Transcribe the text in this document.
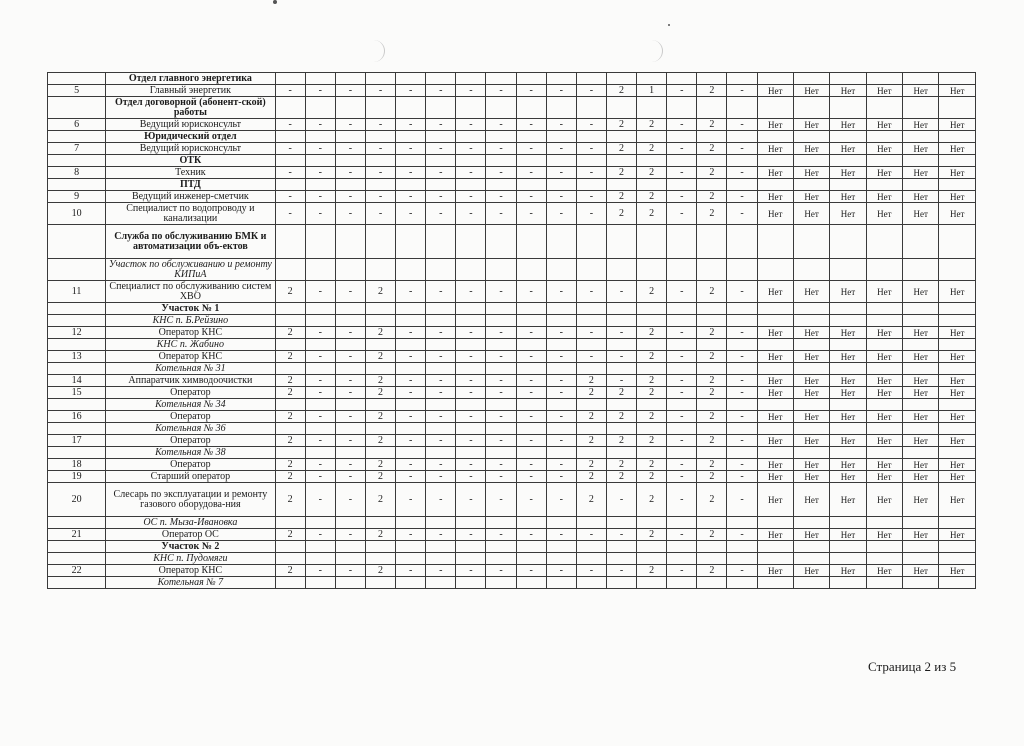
	Отдел главного энергетика																						
5	Главный энергетик	-	-	-	-	-	-	-	-	-	-	-	2	1	-	2	-	Нет	Нет	Нет	Нет	Нет	Нет
	Отдел договорной (абонент-ской) работы																						
6	Ведущий юрисконсульт	-	-	-	-	-	-	-	-	-	-	-	2	2	-	2	-	Нет	Нет	Нет	Нет	Нет	Нет
	Юридический отдел																						
7	Ведущий юрисконсульт	-	-	-	-	-	-	-	-	-	-	-	2	2	-	2	-	Нет	Нет	Нет	Нет	Нет	Нет
	ОТК																						
8	Техник	-	-	-	-	-	-	-	-	-	-	-	2	2	-	2	-	Нет	Нет	Нет	Нет	Нет	Нет
	ПТД																						
9	Ведущий инженер-сметчик	-	-	-	-	-	-	-	-	-	-	-	2	2	-	2	-	Нет	Нет	Нет	Нет	Нет	Нет
10	Специалист по водопроводу и канализации	-	-	-	-	-	-	-	-	-	-	-	2	2	-	2	-	Нет	Нет	Нет	Нет	Нет	Нет
	Служба по обслуживанию БМК и автоматизации объ-ектов																						
	Участок по обслуживанию и ремонту КИПиА																						
11	Специалист по обслуживанию систем ХВО	2	-	-	2	-	-	-	-	-	-	-	-	2	-	2	-	Нет	Нет	Нет	Нет	Нет	Нет
	Участок № 1																						
	КНС п. Б.Рейзино																						
12	Оператор КНС	2	-	-	2	-	-	-	-	-	-	-	-	2	-	2	-	Нет	Нет	Нет	Нет	Нет	Нет
	КНС п. Жабино																						
13	Оператор КНС	2	-	-	2	-	-	-	-	-	-	-	-	2	-	2	-	Нет	Нет	Нет	Нет	Нет	Нет
	Котельная № 31																						
14	Аппаратчик химводоочистки	2	-	-	2	-	-	-	-	-	-	2	-	2	-	2	-	Нет	Нет	Нет	Нет	Нет	Нет
15	Оператор	2	-	-	2	-	-	-	-	-	-	2	2	2	-	2	-	Нет	Нет	Нет	Нет	Нет	Нет
	Котельная № 34																						
16	Оператор	2	-	-	2	-	-	-	-	-	-	2	2	2	-	2	-	Нет	Нет	Нет	Нет	Нет	Нет
	Котельная № 36																						
17	Оператор	2	-	-	2	-	-	-	-	-	-	2	2	2	-	2	-	Нет	Нет	Нет	Нет	Нет	Нет
	Котельная № 38																						
18	Оператор	2	-	-	2	-	-	-	-	-	-	2	2	2	-	2	-	Нет	Нет	Нет	Нет	Нет	Нет
19	Старший оператор	2	-	-	2	-	-	-	-	-	-	2	2	2	-	2	-	Нет	Нет	Нет	Нет	Нет	Нет
20	Слесарь по эксплуатации и ремонту газового оборудова-ния	2	-	-	2	-	-	-	-	-	-	2	-	2	-	2	-	Нет	Нет	Нет	Нет	Нет	Нет
	ОС п. Мыза-Ивановка																						
21	Оператор ОС	2	-	-	2	-	-	-	-	-	-	-	-	2	-	2	-	Нет	Нет	Нет	Нет	Нет	Нет
	Участок № 2																						
	КНС п. Пудомяги																						
22	Оператор КНС	2	-	-	2	-	-	-	-	-	-	-	-	2	-	2	-	Нет	Нет	Нет	Нет	Нет	Нет
	Котельная № 7																						
Страница 2 из 5
